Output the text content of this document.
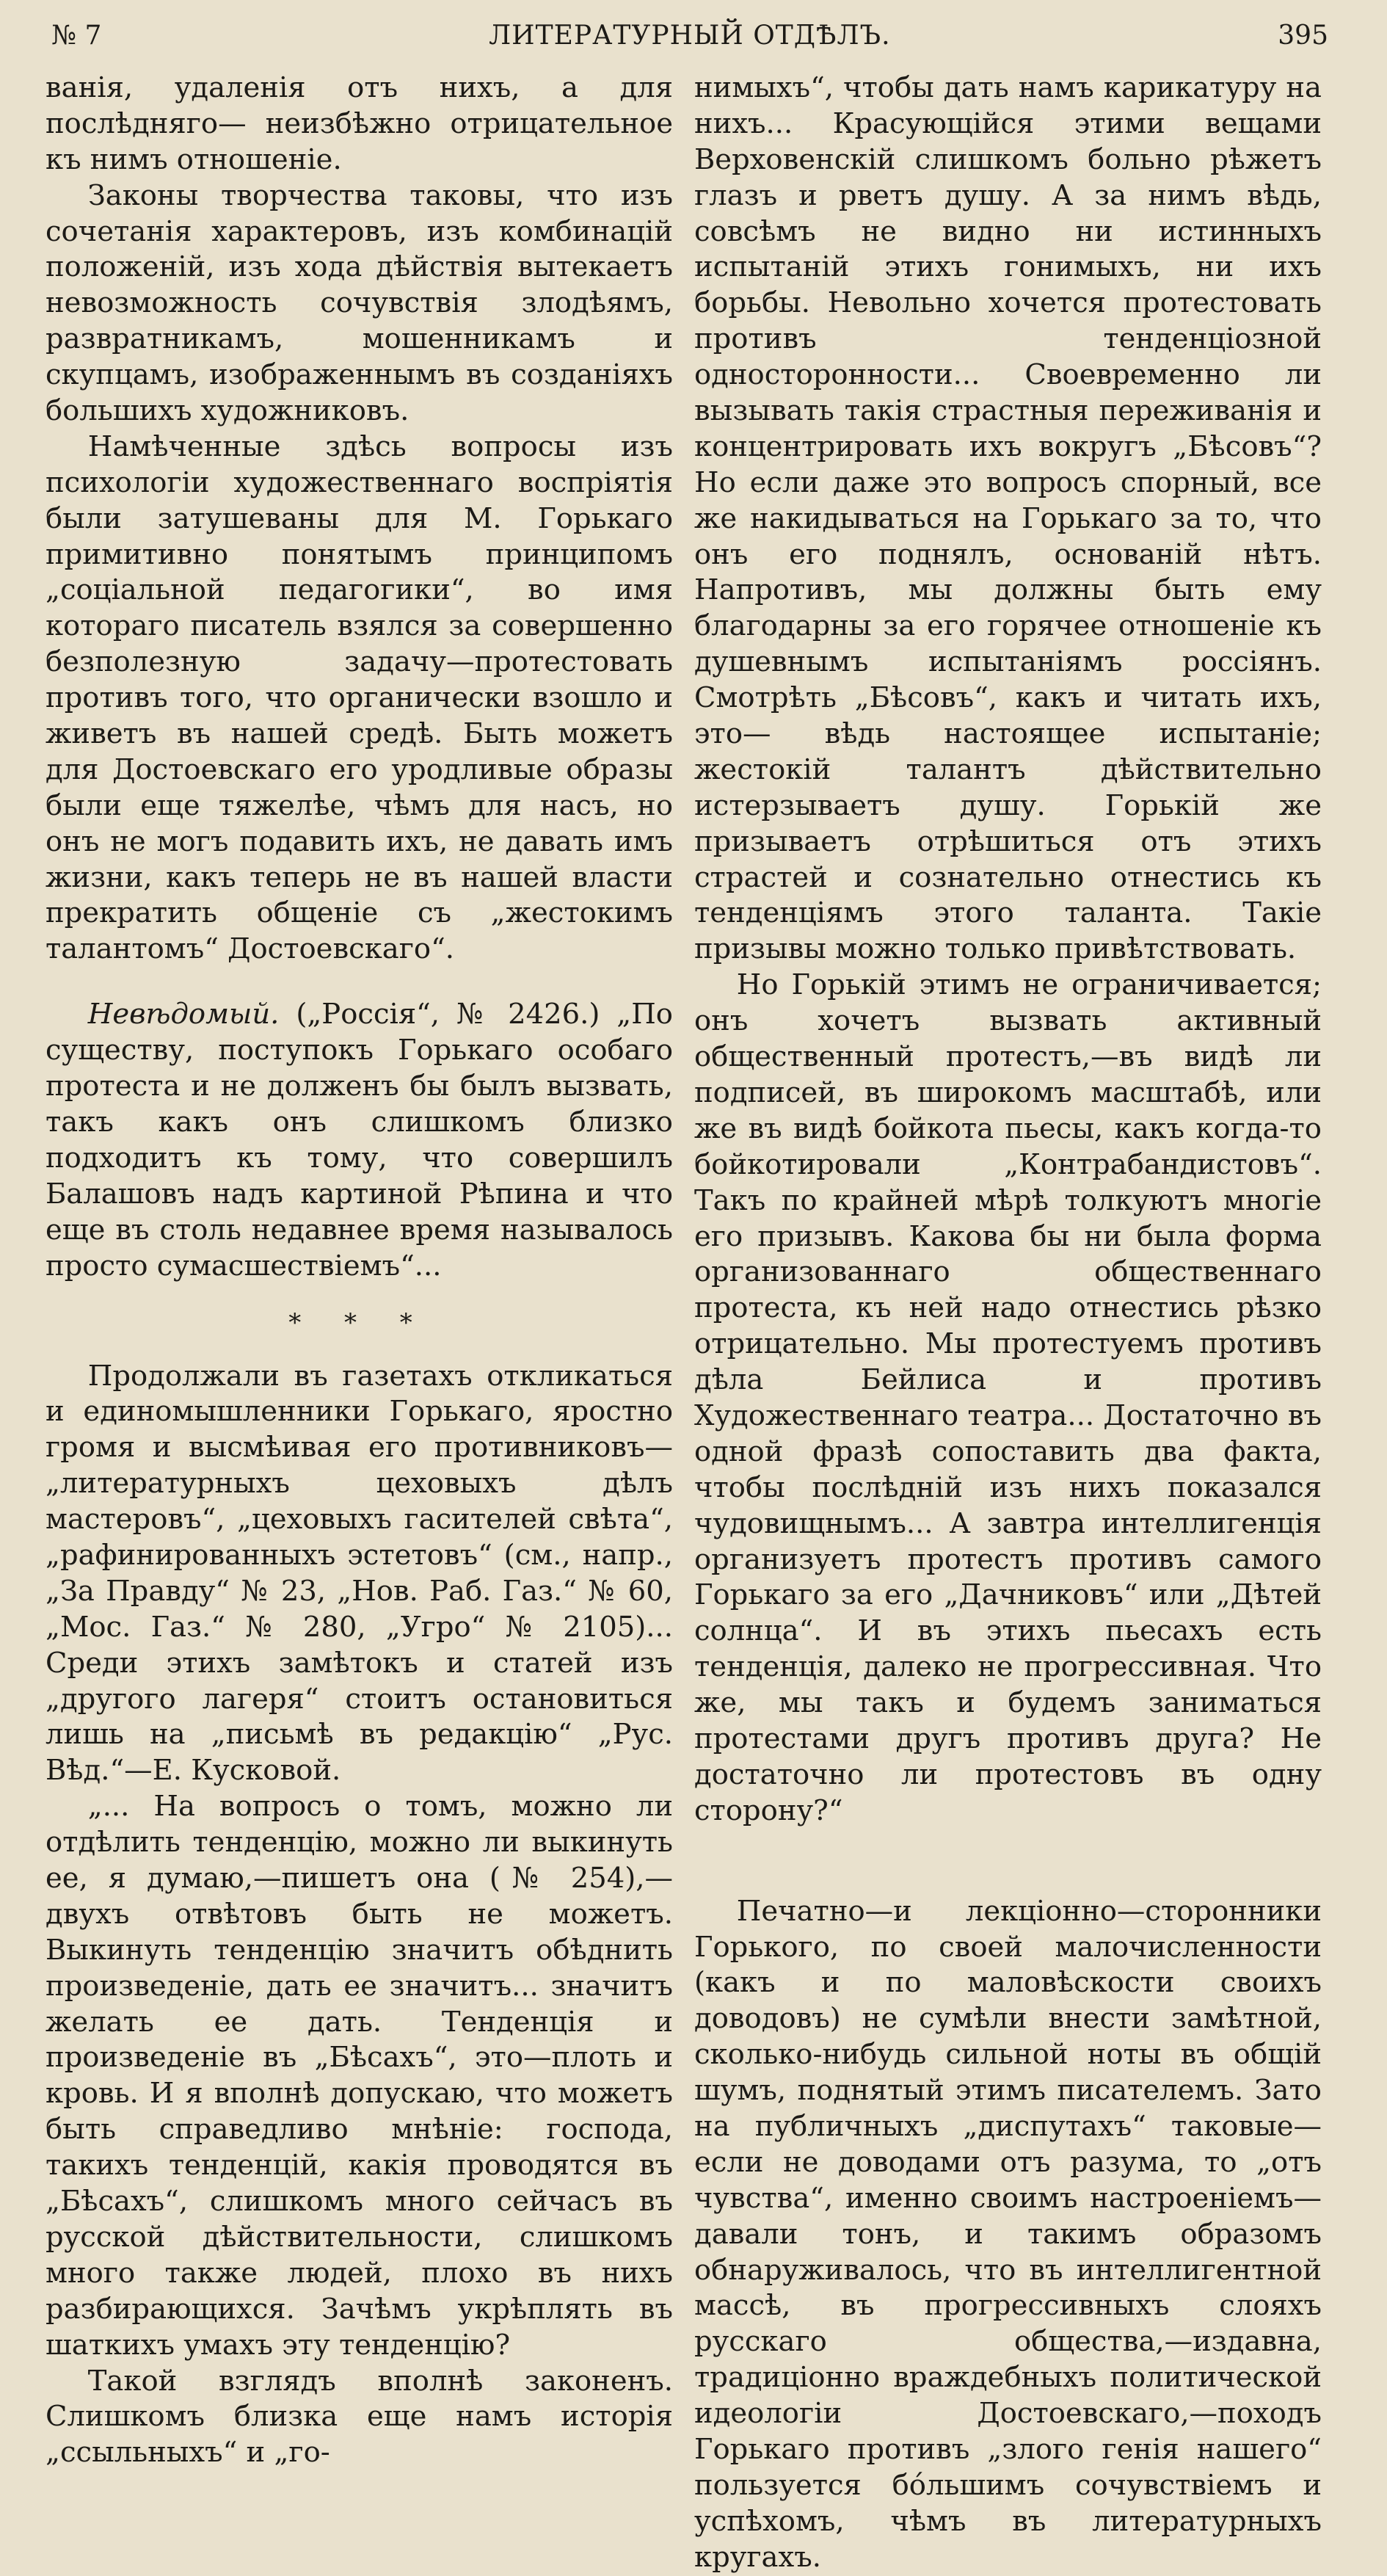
№ 7	ЛИТЕРАТУРНЫЙ ОТДѢЛЪ.	395

ванія, удаленія отъ нихъ, а для послѣдняго— неизбѣжно отрицательное къ нимъ отношеніе.

Законы творчества таковы, что изъ сочетанія характеровъ, изъ комбинацій положеній, изъ хода дѣйствія вытекаетъ невозможность сочувствія злодѣямъ, развратникамъ, мошенникамъ и скупцамъ, изображеннымъ въ созданіяхъ большихъ художниковъ.

Намѣченные здѣсь вопросы изъ психологіи художественнаго воспріятія были затушеваны для М. Горькаго примитивно понятымъ принципомъ „соціальной педагогики“, во имя котораго писатель взялся за совершенно безполезную задачу—протестовать противъ того, что органически взошло и живетъ въ нашей средѣ. Быть можетъ для Достоевскаго его уродливые образы были еще тяжелѣе, чѣмъ для насъ, но онъ не могъ подавить ихъ, не давать имъ жизни, какъ теперь не въ нашей власти прекратить общеніе съ „жестокимъ талантомъ“ Достоевскаго“.

Невѣдомый. („Россія“, № 2426.) „По существу, поступокъ Горькаго особаго протеста и не долженъ бы былъ вызвать, такъ какъ онъ слишкомъ близко подходитъ къ тому, что совершилъ Балашовъ надъ картиной Рѣпина и что еще въ столь недавнее время называлось просто сумасшествіемъ“...

* * *

Продолжали въ газетахъ откликаться и единомышленники Горькаго, яростно громя и высмѣивая его противниковъ—„литературныхъ цеховыхъ дѣлъ мастеровъ“, „цеховыхъ гасителей свѣта“, „рафинированныхъ эстетовъ“ (см., напр., „За Правду“ № 23, „Нов. Раб. Газ.“ № 60, „Мос. Газ.“ № 280, „Угро“ № 2105)... Среди этихъ замѣтокъ и статей изъ „другого лагеря“ стоитъ остановиться лишь на „письмѣ въ редакцію“ „Рус. Вѣд.“—Е. Кусковой.

„... На вопросъ о томъ, можно ли отдѣлить тенденцію, можно ли выкинуть ее, я думаю,—пишетъ она (№ 254),—двухъ отвѣтовъ быть не можетъ. Выкинуть тенденцію значитъ обѣднить произведеніе, дать ее значитъ... значитъ желать ее дать. Тенденція и произведеніе въ „Бѣсахъ“, это—плоть и кровь. И я вполнѣ допускаю, что можетъ быть справедливо мнѣніе: господа, такихъ тенденцій, какія проводятся въ „Бѣсахъ“, слишкомъ много сейчасъ въ русской дѣйствительности, слишкомъ много также людей, плохо въ нихъ разбирающихся. Зачѣмъ укрѣплять въ шаткихъ умахъ эту тенденцію?

Такой взглядъ вполнѣ законенъ. Слишкомъ близка еще намъ исторія „ссыльныхъ“ и „го-

нимыхъ“, чтобы дать намъ карикатуру на нихъ... Красующійся этими вещами Верховенскій слишкомъ больно рѣжетъ глазъ и рветъ душу. А за нимъ вѣдь, совсѣмъ не видно ни истинныхъ испытаній этихъ гонимыхъ, ни ихъ борьбы. Невольно хочется протестовать противъ тенденціозной односторонности... Своевременно ли вызывать такія страстныя переживанія и концентрировать ихъ вокругъ „Бѣсовъ“? Но если даже это вопросъ спорный, все же накидываться на Горькаго за то, что онъ его поднялъ, основаній нѣтъ. Напротивъ, мы должны быть ему благодарны за его горячее отношеніе къ душевнымъ испытаніямъ россіянъ. Смотрѣть „Бѣсовъ“, какъ и читать ихъ, это— вѣдь настоящее испытаніе; жестокій талантъ дѣйствительно истерзываетъ душу. Горькій же призываетъ отрѣшиться отъ этихъ страстей и сознательно отнестись къ тенденціямъ этого таланта. Такіе призывы можно только привѣтствовать.

Но Горькій этимъ не ограничивается; онъ хочетъ вызвать активный общественный протестъ,—въ видѣ ли подписей, въ широкомъ масштабѣ, или же въ видѣ бойкота пьесы, какъ когда-то бойкотировали „Контрабандистовъ“. Такъ по крайней мѣрѣ толкуютъ многіе его призывъ. Какова бы ни была форма организованнаго общественнаго протеста, къ ней надо отнестись рѣзко отрицательно. Мы протестуемъ противъ дѣла Бейлиса и противъ Художественнаго театра... Достаточно въ одной фразѣ сопоставить два факта, чтобы послѣдній изъ нихъ показался чудовищнымъ... А завтра интеллигенція организуетъ протестъ противъ самого Горькаго за его „Дачниковъ“ или „Дѣтей солнца“. И въ этихъ пьесахъ есть тенденція, далеко не прогрессивная. Что же, мы такъ и будемъ заниматься протестами другъ противъ друга? Не достаточно ли протестовъ въ одну сторону?“

Печатно—и лекціонно—сторонники Горького, по своей малочисленности (какъ и по маловѣскости своихъ доводовъ) не сумѣли внести замѣтной, сколько-нибудь сильной ноты въ общій шумъ, поднятый этимъ писателемъ. Зато на публичныхъ „диспутахъ“ таковые—если не доводами отъ разума, то „отъ чувства“, именно своимъ настроеніемъ—давали тонъ, и такимъ образомъ обнаруживалось, что въ интеллигентной массѣ, въ прогрессивныхъ слояхъ русскаго общества,—издавна, традиціонно враждебныхъ политической идеологіи Достоевскаго,—походъ Горькаго противъ „злого генія нашего“ пользуется бóльшимъ сочувствіемъ и успѣхомъ, чѣмъ въ литературныхъ кругахъ.
